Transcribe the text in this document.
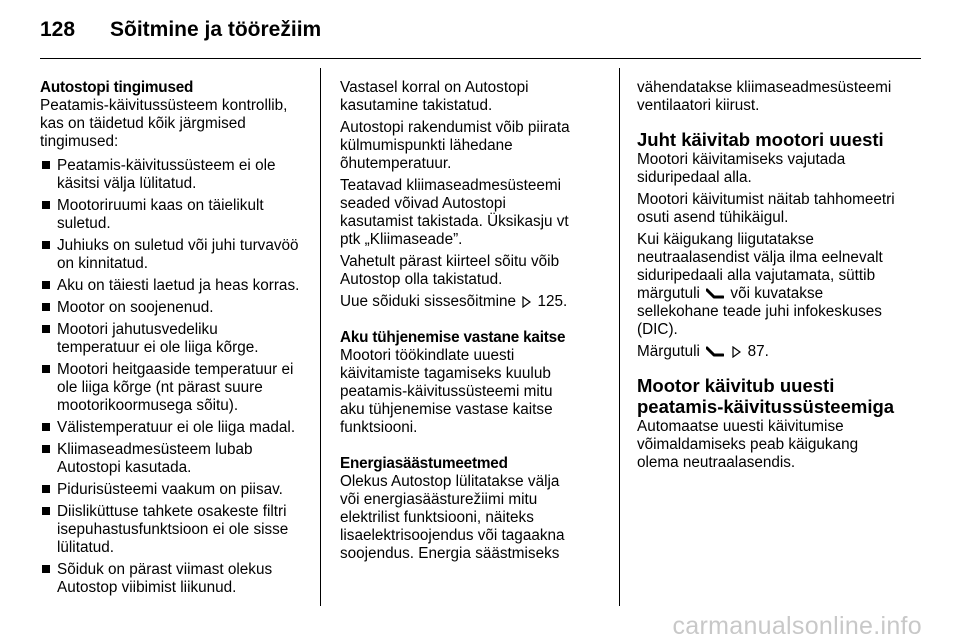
128 Sõitmine ja töörežiim

Autostopi tingimused

Peatamis-käivitussüsteem kontrollib, kas on täidetud kõik järgmised tingimused:

Peatamis-käivitussüsteem ei ole käsitsi välja lülitatud.
Mootoriruumi kaas on täielikult suletud.
Juhiuks on suletud või juhi turvavöö on kinnitatud.
Aku on täiesti laetud ja heas korras.
Mootor on soojenenud.
Mootori jahutusvedeliku temperatuur ei ole liiga kõrge.
Mootori heitgaaside temperatuur ei ole liiga kõrge (nt pärast suure mootorikoormusega sõitu).
Välistemperatuur ei ole liiga madal.
Kliimaseadmesüsteem lubab Autostopi kasutada.
Pidurisüsteemi vaakum on piisav.
Diisliküttuse tahkete osakeste filtri isepuhastusfunktsioon ei ole sisse lülitatud.
Sõiduk on pärast viimast olekus Autostop viibimist liikunud.

Vastasel korral on Autostopi kasutamine takistatud.

Autostopi rakendumist võib piirata külmumispunkti lähedane õhutemperatuur.

Teatavad kliimaseadmesüsteemi seaded võivad Autostopi kasutamist takistada. Üksikasju vt ptk „Kliimaseade”.

Vahetult pärast kiirteel sõitu võib Autostop olla takistatud.

Uue sõiduki sissesõitmine 125.

Aku tühjenemise vastane kaitse

Mootori töökindlate uuesti käivitamiste tagamiseks kuulub peatamis-käivitussüsteemi mitu aku tühjenemise vastase kaitse funktsiooni.

Energiasäästumeetmed

Olekus Autostop lülitatakse välja või energiasäästurežiimi mitu elektrilist funktsiooni, näiteks lisaelektrisoojendus või tagaakna soojendus. Energia säästmiseks

vähendatakse kliimaseadmesüsteemi ventilaatori kiirust.

Juht käivitab mootori uuesti

Mootori käivitamiseks vajutada siduripedaal alla.

Mootori käivitumist näitab tahhomeetri osuti asend tühikäigul.

Kui käigukang liigutatakse neutraalasendist välja ilma eelnevalt siduripedaali alla vajutamata, süttib märgutuli või kuvatakse sellekohane teade juhi infokeskuses (DIC).

Märgutuli	87.

Mootor käivitub uuesti peatamis-käivitussüsteemiga

Automaatse uuesti käivitumise võimaldamiseks peab käigukang olema neutraalasendis.

carmanualsonline.info
